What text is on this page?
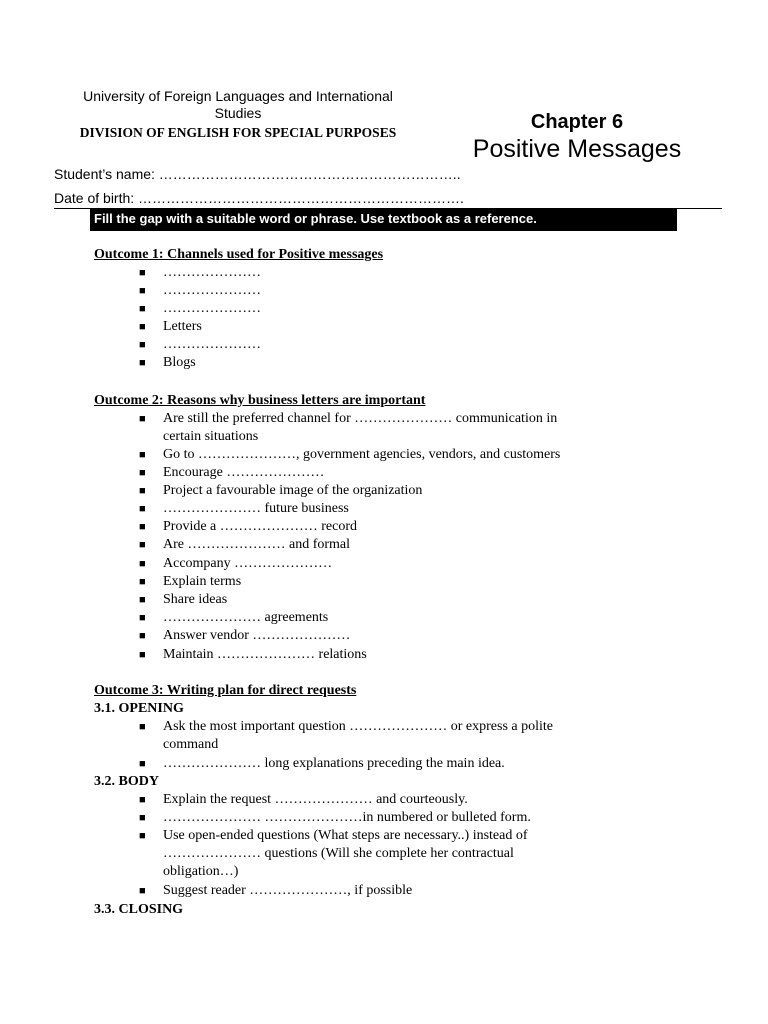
University of Foreign Languages and International Studies
DIVISION OF ENGLISH FOR SPECIAL PURPOSES	Chapter 6
Positive Messages
Student’s name: ………………………………………………………..
Date of birth: …………………………………………………………….
Fill the gap with a suitable word or phrase. Use textbook as a reference.
Outcome 1: Channels used for Positive messages
■ …………………
■ …………………
■ …………………
■ Letters
■ …………………
■ Blogs
Outcome 2: Reasons why business letters are important
■ Are still the preferred channel for ………………… communication in
certain situations
■ Go to …………………, government agencies, vendors, and customers
■ Encourage …………………
■ Project a favourable image of the organization
■ ………………… future business
■ Provide a ………………… record
■ Are ………………… and formal
■ Accompany …………………
■ Explain terms
■ Share ideas
■ ………………… agreements
■ Answer vendor …………………
■ Maintain ………………… relations
Outcome 3: Writing plan for direct requests
3.1. OPENING
■ Ask the most important question ………………… or express a polite
command
■ ………………… long explanations preceding the main idea.
3.2. BODY
■ Explain the request ………………… and courteously.
■ ………………… …………………in numbered or bulleted form.
■ Use open-ended questions (What steps are necessary..) instead of
………………… questions (Will she complete her contractual
obligation…)
■ Suggest reader …………………, if possible
3.3. CLOSING
